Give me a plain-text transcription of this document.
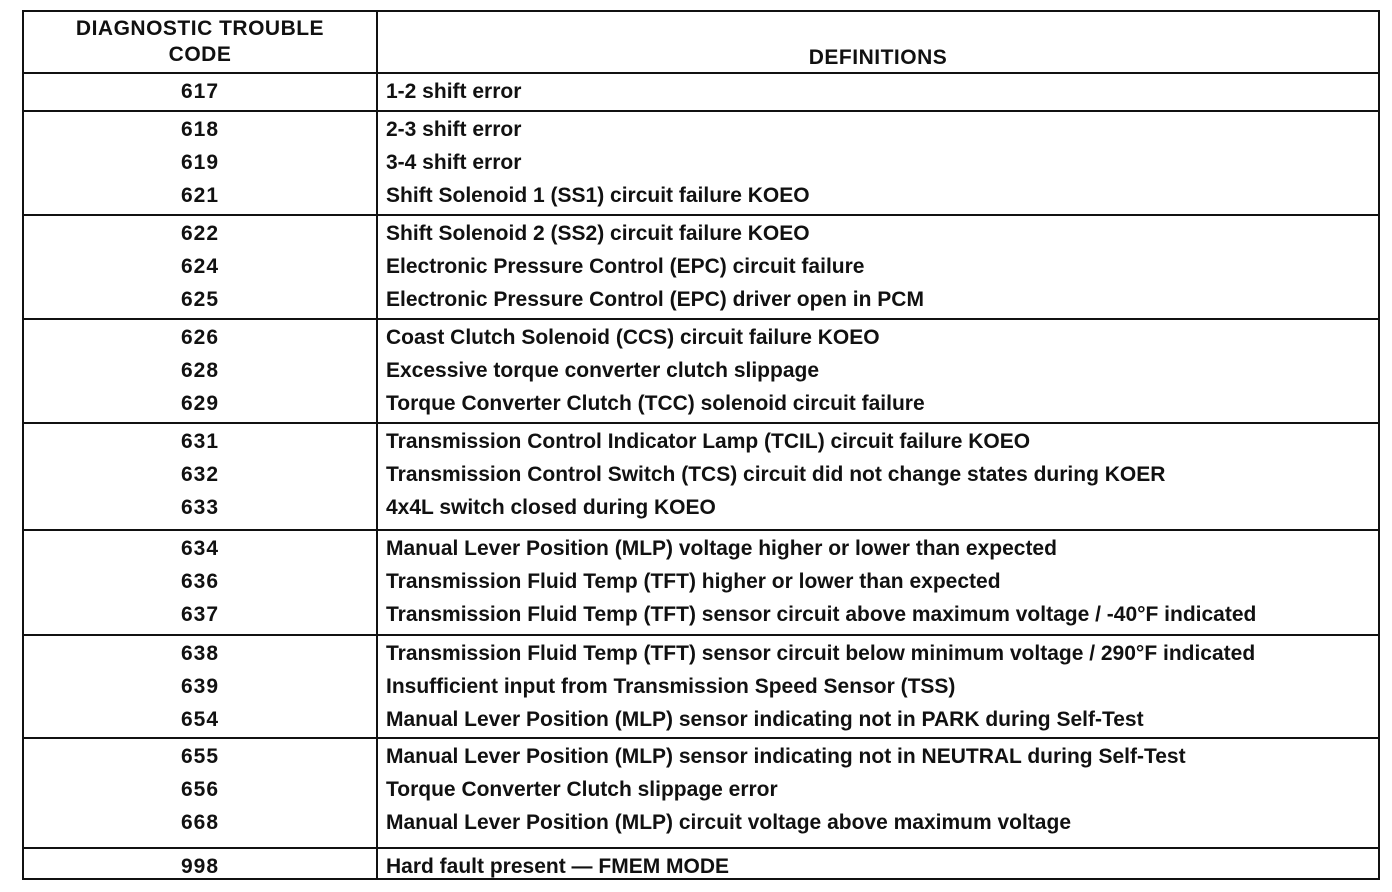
DIAGNOSTIC TROUBLE
CODE	DEFINITIONS
617	1-2 shift error
618	2-3 shift error
619	3-4 shift error
621	Shift Solenoid 1 (SS1) circuit failure KOEO
622	Shift Solenoid 2 (SS2) circuit failure KOEO
624	Electronic Pressure Control (EPC) circuit failure
625	Electronic Pressure Control (EPC) driver open in PCM
626	Coast Clutch Solenoid (CCS) circuit failure KOEO
628	Excessive torque converter clutch slippage
629	Torque Converter Clutch (TCC) solenoid circuit failure
631	Transmission Control Indicator Lamp (TCIL) circuit failure KOEO
632	Transmission Control Switch (TCS) circuit did not change states during KOER
633	4x4L switch closed during KOEO
634	Manual Lever Position (MLP) voltage higher or lower than expected
636	Transmission Fluid Temp (TFT) higher or lower than expected
637	Transmission Fluid Temp (TFT) sensor circuit above maximum voltage / -40°F indicated
638	Transmission Fluid Temp (TFT) sensor circuit below minimum voltage / 290°F indicated
639	Insufficient input from Transmission Speed Sensor (TSS)
654	Manual Lever Position (MLP) sensor indicating not in PARK during Self-Test
655	Manual Lever Position (MLP) sensor indicating not in NEUTRAL during Self-Test
656	Torque Converter Clutch slippage error
668	Manual Lever Position (MLP) circuit voltage above maximum voltage
998	Hard fault present — FMEM MODE
